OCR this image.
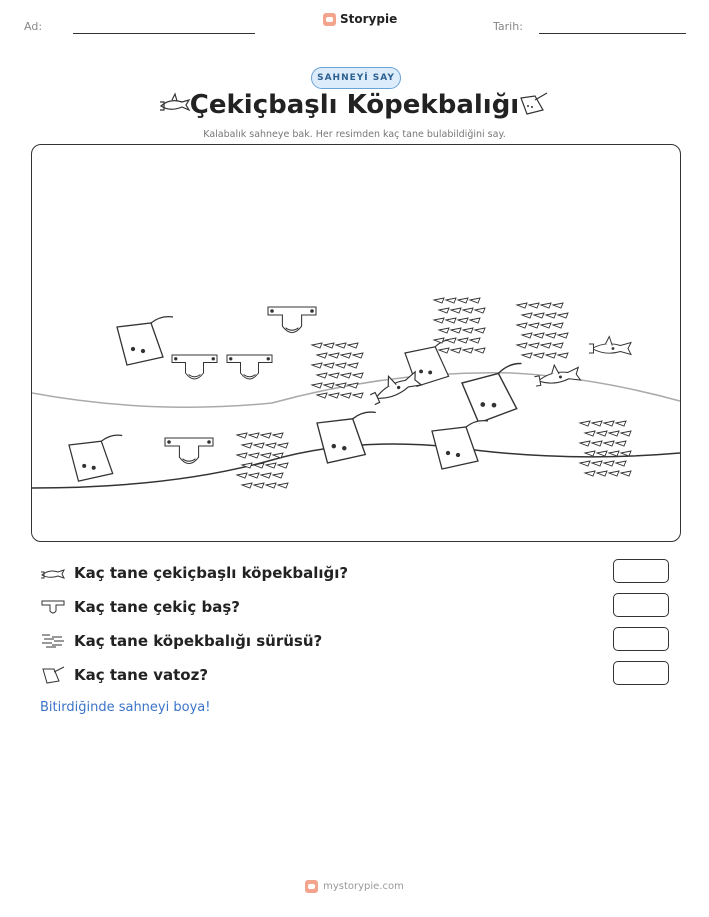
Ad:
Storypie
Tarih:
SAHNEYİ SAY
Çekiçbaşlı Köpekbalığı
Kalabalık sahneye bak. Her resimden kaç tane bulabildiğini say.
Kaç tane çekiçbaşlı köpekbalığı?
Kaç tane çekiç baş?
Kaç tane köpekbalığı sürüsü?
Kaç tane vatoz?
Bitirdiğinde sahneyi boya!
mystorypie.com
